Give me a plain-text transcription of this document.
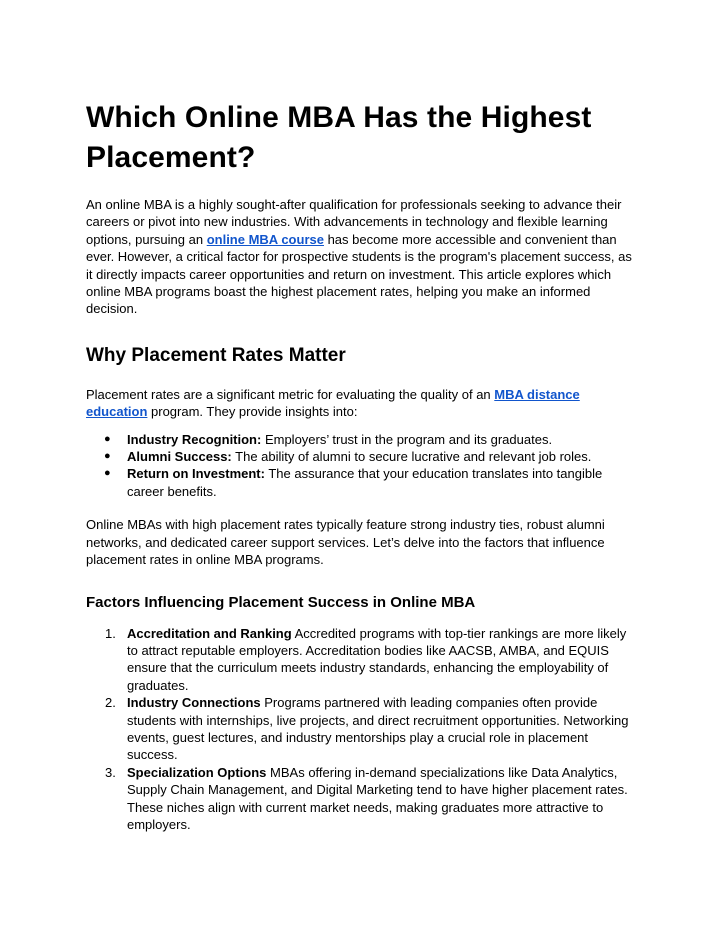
Which Online MBA Has the Highest Placement?

An online MBA is a highly sought-after qualification for professionals seeking to advance their careers or pivot into new industries. With advancements in technology and flexible learning options, pursuing an online MBA course has become more accessible and convenient than ever. However, a critical factor for prospective students is the program's placement success, as it directly impacts career opportunities and return on investment. This article explores which online MBA programs boast the highest placement rates, helping you make an informed decision.

Why Placement Rates Matter

Placement rates are a significant metric for evaluating the quality of an MBA distance education program. They provide insights into:

● Industry Recognition: Employers’ trust in the program and its graduates.
● Alumni Success: The ability of alumni to secure lucrative and relevant job roles.
● Return on Investment: The assurance that your education translates into tangible career benefits.

Online MBAs with high placement rates typically feature strong industry ties, robust alumni networks, and dedicated career support services. Let’s delve into the factors that influence placement rates in online MBA programs.

Factors Influencing Placement Success in Online MBA
1. Accreditation and Ranking Accredited programs with top-tier rankings are more likely to attract reputable employers. Accreditation bodies like AACSB, AMBA, and EQUIS ensure that the curriculum meets industry standards, enhancing the employability of graduates.
2. Industry Connections Programs partnered with leading companies often provide students with internships, live projects, and direct recruitment opportunities. Networking events, guest lectures, and industry mentorships play a crucial role in placement success.
3. Specialization Options MBAs offering in-demand specializations like Data Analytics, Supply Chain Management, and Digital Marketing tend to have higher placement rates. These niches align with current market needs, making graduates more attractive to employers.
